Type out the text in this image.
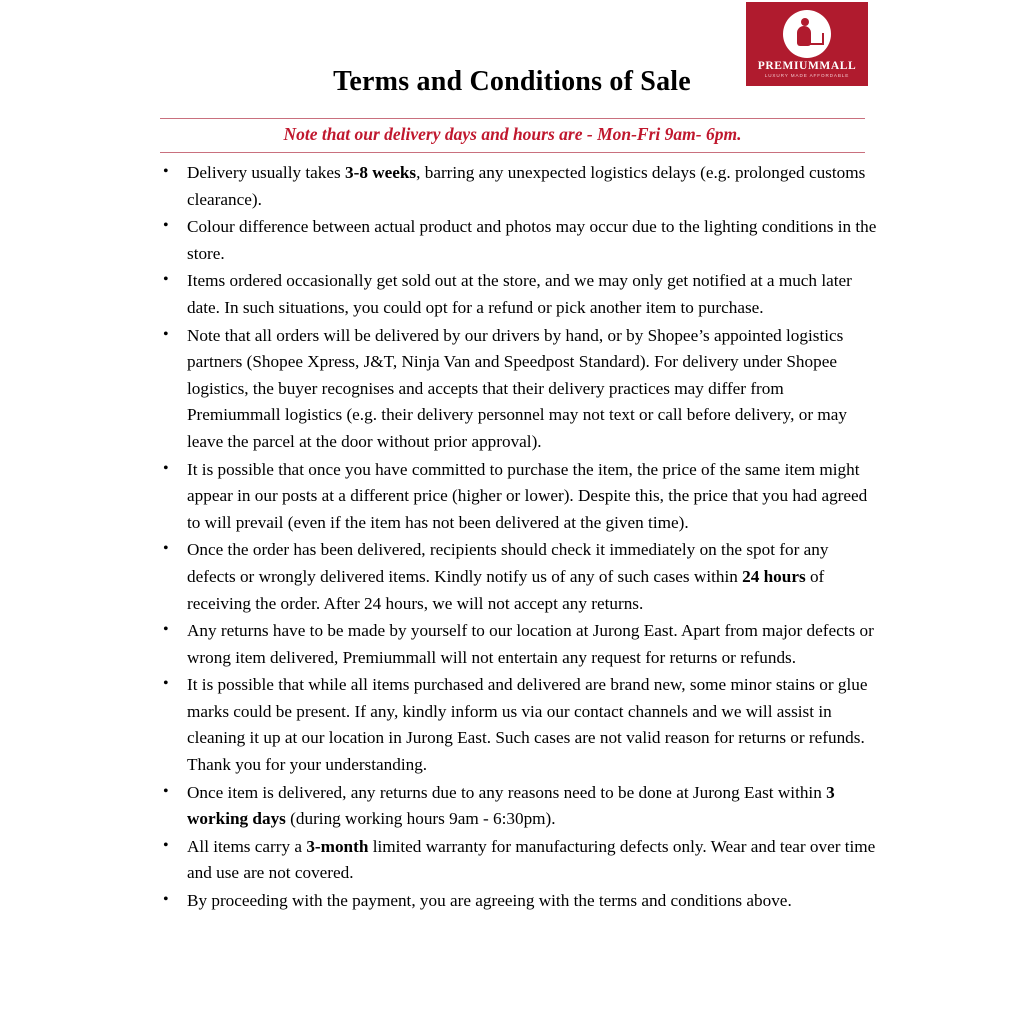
PREMIUMMALL
LUXURY MADE AFFORDABLE
Terms and Conditions of Sale
Note that our delivery days and hours are - Mon-Fri 9am- 6pm.
• Delivery usually takes 3-8 weeks, barring any unexpected logistics delays (e.g. prolonged customs clearance).
• Colour difference between actual product and photos may occur due to the lighting conditions in the store.
• Items ordered occasionally get sold out at the store, and we may only get notified at a much later date. In such situations, you could opt for a refund or pick another item to purchase.
• Note that all orders will be delivered by our drivers by hand, or by Shopee’s appointed logistics partners (Shopee Xpress, J&T, Ninja Van and Speedpost Standard). For delivery under Shopee logistics, the buyer recognises and accepts that their delivery practices may differ from Premiummall logistics (e.g. their delivery personnel may not text or call before delivery, or may leave the parcel at the door without prior approval).
• It is possible that once you have committed to purchase the item, the price of the same item might appear in our posts at a different price (higher or lower). Despite this, the price that you had agreed to will prevail (even if the item has not been delivered at the given time).
• Once the order has been delivered, recipients should check it immediately on the spot for any defects or wrongly delivered items. Kindly notify us of any of such cases within 24 hours of receiving the order. After 24 hours, we will not accept any returns.
• Any returns have to be made by yourself to our location at Jurong East. Apart from major defects or wrong item delivered, Premiummall will not entertain any request for returns or refunds.
• It is possible that while all items purchased and delivered are brand new, some minor stains or glue marks could be present. If any, kindly inform us via our contact channels and we will assist in cleaning it up at our location in Jurong East. Such cases are not valid reason for returns or refunds. Thank you for your understanding.
• Once item is delivered, any returns due to any reasons need to be done at Jurong East within 3 working days (during working hours 9am - 6:30pm).
• All items carry a 3-month limited warranty for manufacturing defects only. Wear and tear over time and use are not covered.
• By proceeding with the payment, you are agreeing with the terms and conditions above.
